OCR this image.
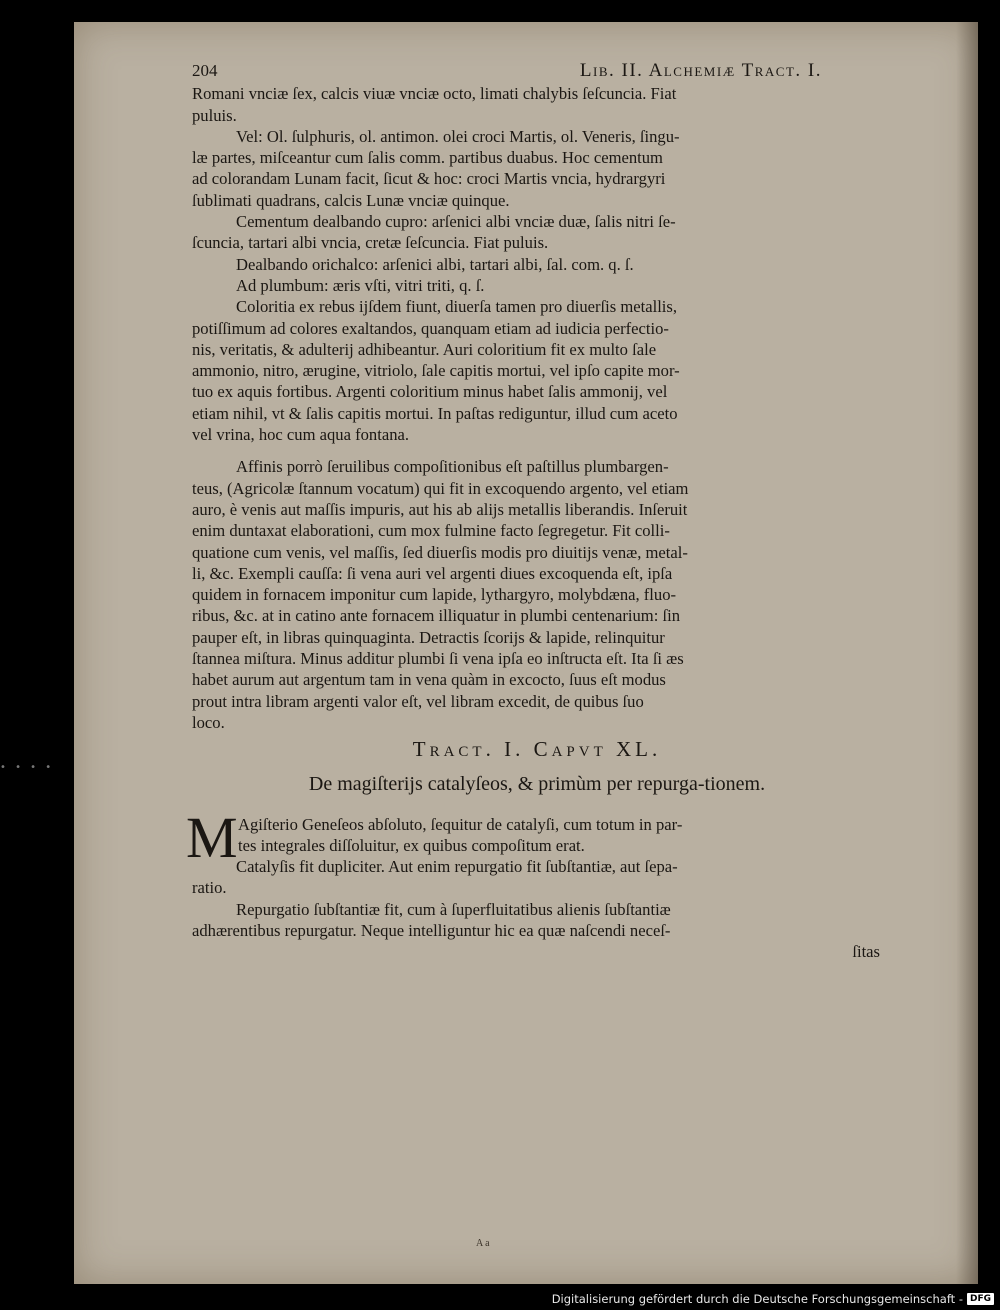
• • • •
204	Lib. II. Alchemiæ Tract. I.
Romani vnciæ ſex, calcis viuæ vnciæ octo, limati chalybis ſeſcuncia. Fiat
puluis.
Vel: Ol. ſulphuris, ol. antimon. olei croci Martis, ol. Veneris, ſingu-
læ partes, miſceantur cum ſalis comm. partibus duabus. Hoc cementum
ad colorandam Lunam facit, ſicut & hoc: croci Martis vncia, hydrargyri
ſublimati quadrans, calcis Lunæ vnciæ quinque.
Cementum dealbando cupro: arſenici albi vnciæ duæ, ſalis nitri ſe-
ſcuncia, tartari albi vncia, cretæ ſeſcuncia. Fiat puluis.
Dealbando orichalco: arſenici albi, tartari albi, ſal. com. q. ſ.
Ad plumbum: æris vſti, vitri triti, q. ſ.
Coloritia ex rebus ijſdem fiunt, diuerſa tamen pro diuerſis metallis,
potiſſimum ad colores exaltandos, quanquam etiam ad iudicia perfectio-
nis, veritatis, & adulterij adhibeantur. Auri coloritium fit ex multo ſale
ammonio, nitro, ærugine, vitriolo, ſale capitis mortui, vel ipſo capite mor-
tuo ex aquis fortibus. Argenti coloritium minus habet ſalis ammonij, vel
etiam nihil, vt & ſalis capitis mortui. In paſtas rediguntur, illud cum aceto
vel vrina, hoc cum aqua fontana.
Affinis porrò ſeruilibus compoſitionibus eſt paſtillus plumbargen-
teus, (Agricolæ ſtannum vocatum) qui fit in excoquendo argento, vel etiam
auro, è venis aut maſſis impuris, aut his ab alijs metallis liberandis. Inſeruit
enim duntaxat elaborationi, cum mox fulmine facto ſegregetur. Fit colli-
quatione cum venis, vel maſſis, ſed diuerſis modis pro diuitijs venæ, metal-
li, &c. Exempli cauſſa: ſi vena auri vel argenti diues excoquenda eſt, ipſa
quidem in fornacem imponitur cum lapide, lythargyro, molybdæna, fluo-
ribus, &c. at in catino ante fornacem illiquatur in plumbi centenarium: ſin
pauper eſt, in libras quinquaginta. Detractis ſcorijs & lapide, relinquitur
ſtannea miſtura. Minus additur plumbi ſi vena ipſa eo inſtructa eſt. Ita ſi æs
habet aurum aut argentum tam in vena quàm in excocto, ſuus eſt modus
prout intra libram argenti valor eſt, vel libram excedit, de quibus ſuo
loco.
Tract. I. Capvt XL.
De magiſterijs catalyſeos, & primùm per repurga-tionem.
M Agiſterio Geneſeos abſoluto, ſequitur de catalyſi, cum totum in par-
tes integrales diſſoluitur, ex quibus compoſitum erat.
Catalyſis fit dupliciter. Aut enim repurgatio fit ſubſtantiæ, aut ſepa-
ratio.
Repurgatio ſubſtantiæ fit, cum à ſuperfluitatibus alienis ſubſtantiæ
adhærentibus repurgatur. Neque intelliguntur hic ea quæ naſcendi neceſ-
ſitas
A a
Digitalisierung gefördert durch die Deutsche Forschungsgemeinschaft - DFG
